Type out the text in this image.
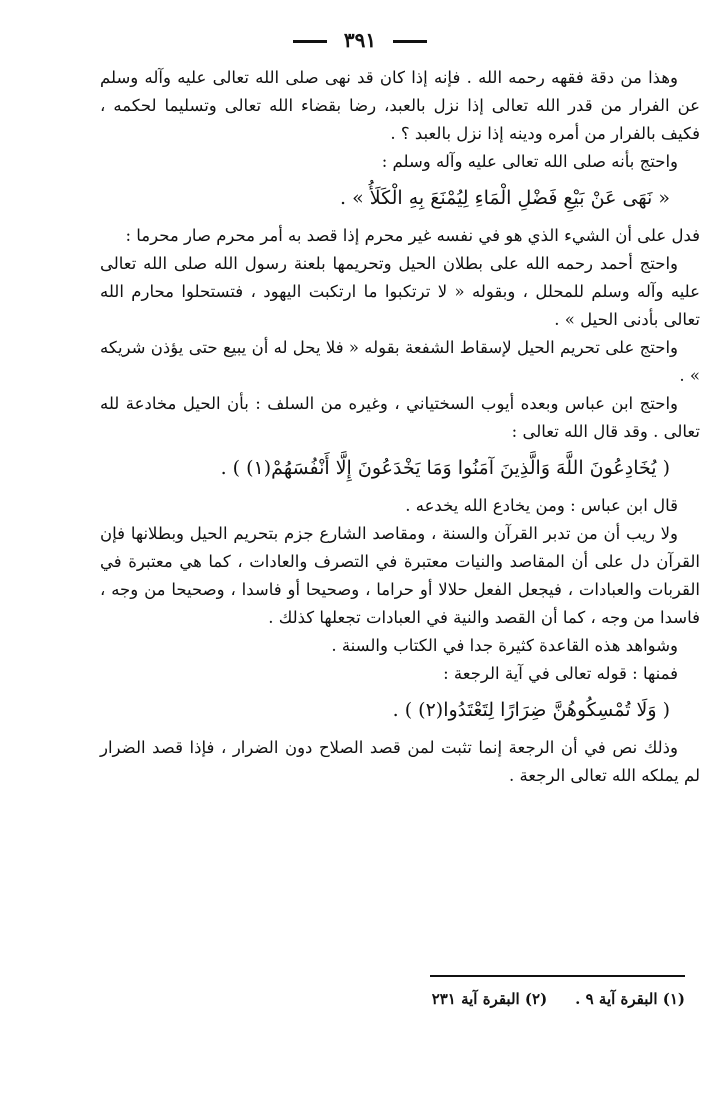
٣٩١

وهذا من دقة فقهه رحمه الله . فإنه إذا كان قد نهى صلى الله تعالى عليه وآله وسلم عن الفرار من قدر الله تعالى إذا نزل بالعبد، رضا بقضاء الله تعالى وتسليما لحكمه ، فكيف بالفرار من أمره ودينه إذا نزل بالعبد ؟ .

واحتج بأنه صلى الله تعالى عليه وآله وسلم :

« نَهَى عَنْ بَيْعِ فَضْلِ الْمَاءِ لِيُمْنَعَ بِهِ الْكَلَأُ » .

فدل على أن الشيء الذي هو في نفسه غير محرم إذا قصد به أمر محرم صار محرما :

واحتج أحمد رحمه الله على بطلان الحيل وتحريمها بلعنة رسول الله صلى الله تعالى عليه وآله وسلم للمحلل ، وبقوله « لا ترتكبوا ما ارتكبت اليهود ، فتستحلوا محارم الله تعالى بأدنى الحيل » .

واحتج على تحريم الحيل لإسقاط الشفعة بقوله « فلا يحل له أن يبيع حتى يؤذن شريكه » .

واحتج ابن عباس وبعده أيوب السختياني ، وغيره من السلف : بأن الحيل مخادعة لله تعالى . وقد قال الله تعالى :

( يُخَادِعُونَ اللَّهَ وَالَّذِينَ آمَنُوا وَمَا يَخْدَعُونَ إِلَّا أَنْفُسَهُمْ(١) ) .

قال ابن عباس : ومن يخادع الله يخدعه .

ولا ريب أن من تدبر القرآن والسنة ، ومقاصد الشارع جزم بتحريم الحيل وبطلانها فإن القرآن دل على أن المقاصد والنيات معتبرة في التصرف والعادات ، كما هي معتبرة في القربات والعبادات ، فيجعل الفعل حلالا أو حراما ، وصحيحا أو فاسدا ، وصحيحا من وجه ، فاسدا من وجه ، كما أن القصد والنية في العبادات تجعلها كذلك .

وشواهد هذه القاعدة كثيرة جدا في الكتاب والسنة .

فمنها : قوله تعالى في آية الرجعة :

( وَلَا تُمْسِكُوهُنَّ ضِرَارًا لِتَعْتَدُوا(٢) ) .

وذلك نص في أن الرجعة إنما تثبت لمن قصد الصلاح دون الضرار ، فإذا قصد الضرار لم يملكه الله تعالى الرجعة .

(١) البقرة آية ٩ .
(٢) البقرة آية ٢٣١
